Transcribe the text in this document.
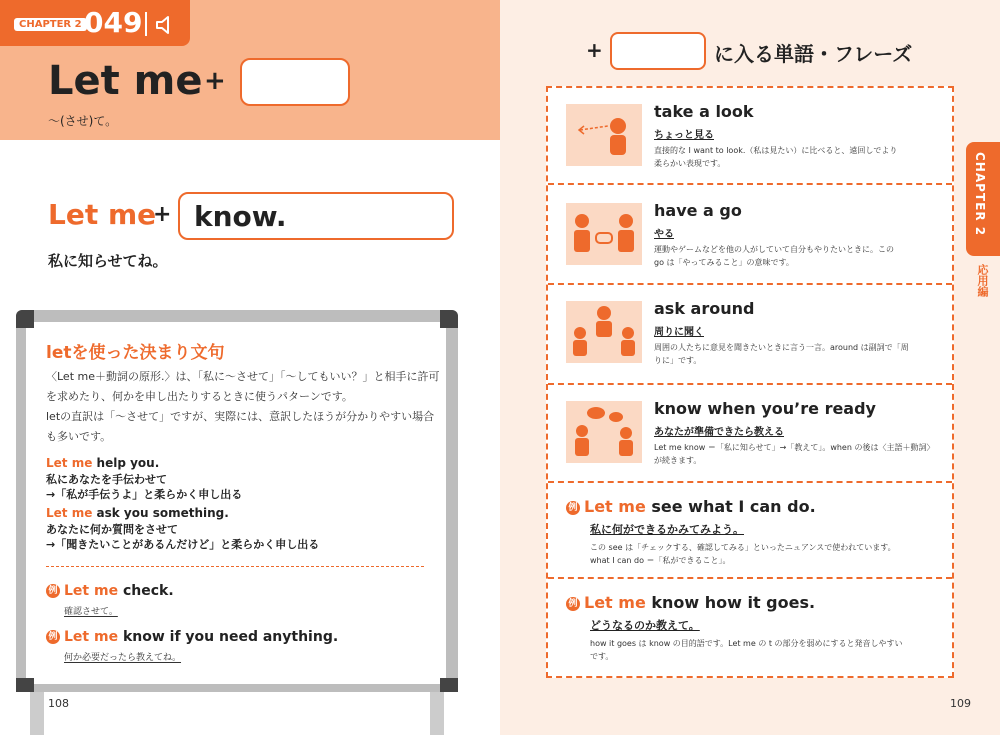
CHAPTER 2 049
Let me +
～(させ)て。
Let me
+ know.
私に知らせてね。
letを使った決まり文句
〈Let me＋動詞の原形.〉は、「私に～させて」「～してもいい？」と相手に許可
を求めたり、何かを申し出たりするときに使うパターンです。
letの直訳は「～させて」ですが、実際には、意訳したほうが分かりやすい場合
も多いです。
Let me help you.
私にあなたを手伝わせて
→「私が手伝うよ」と柔らかく申し出る
Let me ask you something.
あなたに何か質問をさせて
→「聞きたいことがあるんだけど」と柔らかく申し出る
例 Let me check.
確認させて。
例 Let me know if you need anything.
何か必要だったら教えてね。
108
+	に入る単語・フレーズ
take a look
ちょっと見る
直接的な I want to look.（私は見たい）に比べると、遠回しでより
柔らかい表現です。
have a go
やる
運動やゲームなどを他の人がしていて自分もやりたいときに。この
go は「やってみること」の意味です。
ask around
周りに聞く
周囲の人たちに意見を聞きたいときに言う一言。around は副詞で「周
りに」です。
know when you’re ready
あなたが準備できたら教える
Let me know ＝「私に知らせて」→「教えて」。when の後は〈主語＋動詞〉
が続きます。
例 Let me see what I can do.
私に何ができるかみてみよう。
この see は「チェックする、確認してみる」といったニュアンスで使われています。
what I can do ＝「私ができること」。
例 Let me know how it goes.
どうなるのか教えて。
how it goes は know の目的語です。Let me の t の部分を弱めにすると発音しやすい
です。
CHAPTER 2
応用編
109
